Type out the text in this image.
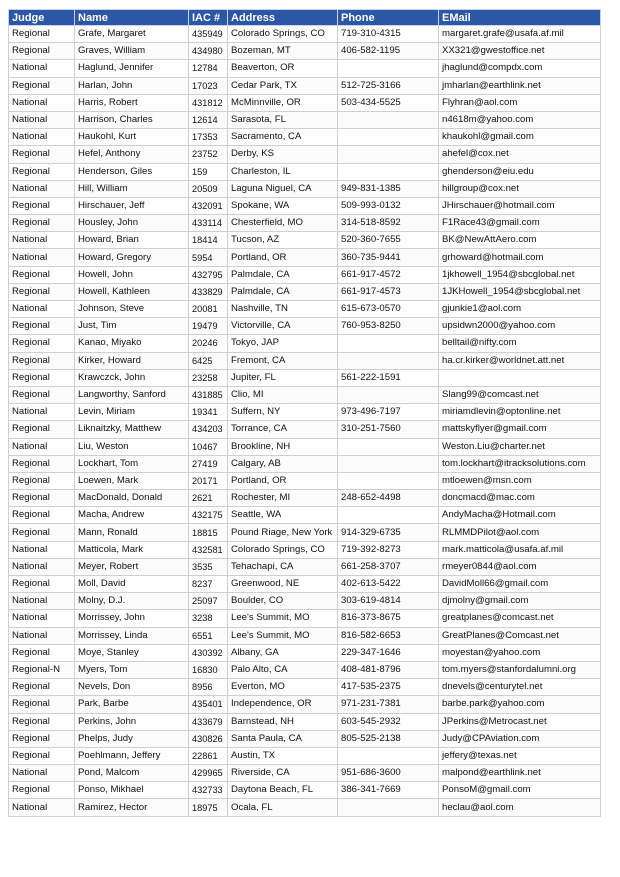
Judge	Name	IAC #	Address	Phone	EMail
Regional	Grafe, Margaret	435949	Colorado Springs, CO	719-310-4315	margaret.grafe@usafa.af.mil
Regional	Graves, William	434980	Bozeman, MT	406-582-1195	XX321@gwestoffice.net
National	Haglund, Jennifer	12784	Beaverton, OR		jhaglund@compdx.com
Regional	Harlan, John	17023	Cedar Park, TX	512-725-3166	jmharlan@earthlink.net
National	Harris, Robert	431812	McMinnville, OR	503-434-5525	Flyhran@aol.com
National	Harrison, Charles	12614	Sarasota, FL		n4618m@yahoo.com
National	Haukohl, Kurt	17353	Sacramento, CA		khaukohl@gmail.com
Regional	Hefel, Anthony	23752	Derby, KS		ahefel@cox.net
Regional	Henderson, Giles	159	Charleston, IL		ghenderson@eiu.edu
National	Hill, William	20509	Laguna Niguel, CA	949-831-1385	hillgroup@cox.net
Regional	Hirschauer, Jeff	432091	Spokane, WA	509-993-0132	JHirschauer@hotmail.com
Regional	Housley, John	433114	Chesterfield, MO	314-518-8592	F1Race43@gmail.com
National	Howard, Brian	18414	Tucson, AZ	520-360-7655	BK@NewAttAero.com
National	Howard, Gregory	5954	Portland, OR	360-735-9441	grhoward@hotmail.com
Regional	Howell, John	432795	Palmdale, CA	661-917-4572	1jkhowell_1954@sbcglobal.net
Regional	Howell, Kathleen	433829	Palmdale, CA	661-917-4573	1JKHowell_1954@sbcglobal.net
National	Johnson, Steve	20081	Nashville, TN	615-673-0570	gjunkie1@aol.com
Regional	Just, Tim	19479	Victorville, CA	760-953-8250	upsidwn2000@yahoo.com
Regional	Kanao, Miyako	20246	Tokyo, JAP		belltail@nifty.com
Regional	Kirker, Howard	6425	Fremont, CA		ha.cr.kirker@worldnet.att.net
Regional	Krawczck, John	23258	Jupiter, FL	561-222-1591	
Regional	Langworthy, Sanford	431885	Clio, MI		Slang99@comcast.net
National	Levin, Miriam	19341	Suffern, NY	973-496-7197	miriamdlevin@optonline.net
Regional	Liknaitzky, Matthew	434203	Torrance, CA	310-251-7560	mattskyflyer@gmail.com
National	Liu, Weston	10467	Brookline, NH		Weston.Liu@charter.net
Regional	Lockhart, Tom	27419	Calgary, AB		tom.lockhart@itracksolutions.com
Regional	Loewen, Mark	20171	Portland, OR		mtloewen@msn.com
Regional	MacDonald, Donald	2621	Rochester, MI	248-652-4498	doncmacd@mac.com
Regional	Macha, Andrew	432175	Seattle, WA		AndyMacha@Hotmail.com
Regional	Mann, Ronald	18815	Pound Riage, New York	914-329-6735	RLMMDPilot@aol.com
National	Matticola, Mark	432581	Colorado Springs, CO	719-392-8273	mark.matticola@usafa.af.mil
National	Meyer, Robert	3535	Tehachapi, CA	661-258-3707	rmeyer0844@aol.com
Regional	Moll, David	8237	Greenwood, NE	402-613-5422	DavidMoll66@gmail.com
National	Molny, D.J.	25097	Boulder, CO	303-619-4814	djmolny@gmail.com
National	Morrissey, John	3238	Lee's Summit, MO	816-373-8675	greatplanes@comcast.net
National	Morrissey, Linda	6551	Lee's Summit, MO	816-582-6653	GreatPlanes@Comcast.net
Regional	Moye, Stanley	430392	Albany, GA	229-347-1646	moyestan@yahoo.com
Regional-N	Myers, Tom	16830	Palo Alto, CA	408-481-8796	tom.myers@stanfordalumni.org
Regional	Nevels, Don	8956	Everton, MO	417-535-2375	dnevels@centurytel.net
Regional	Park, Barbe	435401	Independence, OR	971-231-7381	barbe.park@yahoo.com
Regional	Perkins, John	433679	Barnstead, NH	603-545-2932	JPerkins@Metrocast.net
Regional	Phelps, Judy	430826	Santa Paula, CA	805-525-2138	Judy@CPAviation.com
Regional	Poehlmann, Jeffery	22861	Austin, TX		jeffery@texas.net
National	Pond, Malcom	429965	Riverside, CA	951-686-3600	malpond@earthlink.net
Regional	Ponso, Mikhael	432733	Daytona Beach, FL	386-341-7669	PonsoM@gmail.com
National	Ramirez, Hector	18975	Ocala, FL		heclau@aol.com
